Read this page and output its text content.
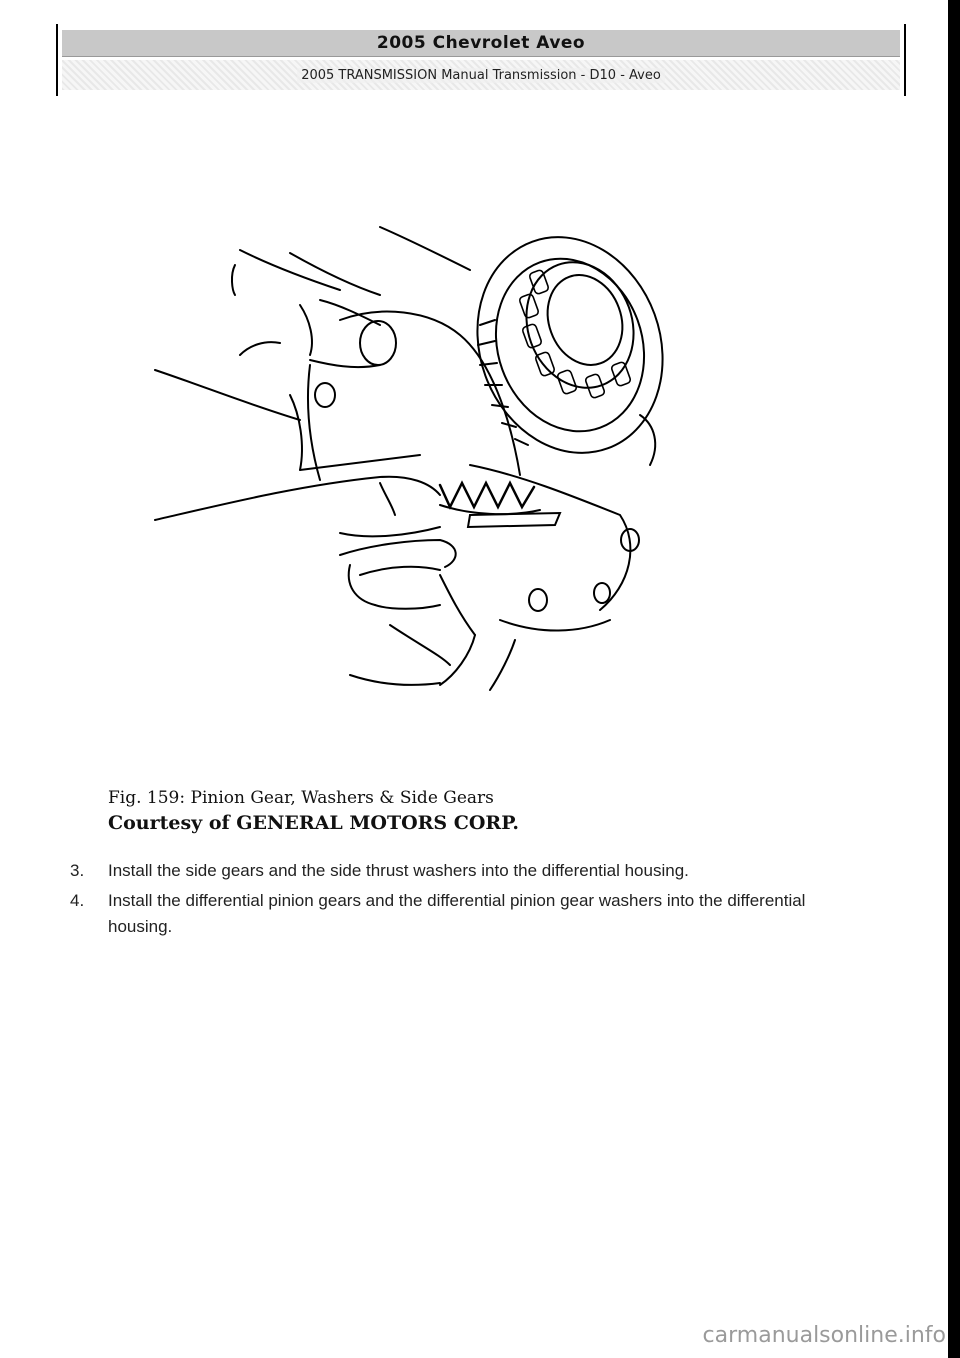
2005 Chevrolet Aveo
2005 TRANSMISSION Manual Transmission - D10 - Aveo
Fig. 159: Pinion Gear, Washers & Side Gears
Courtesy of GENERAL MOTORS CORP.
3.	Install the side gears and the side thrust washers into the differential housing.
4.	Install the differential pinion gears and the differential pinion gear washers into the differential housing.
carmanualsonline.info
